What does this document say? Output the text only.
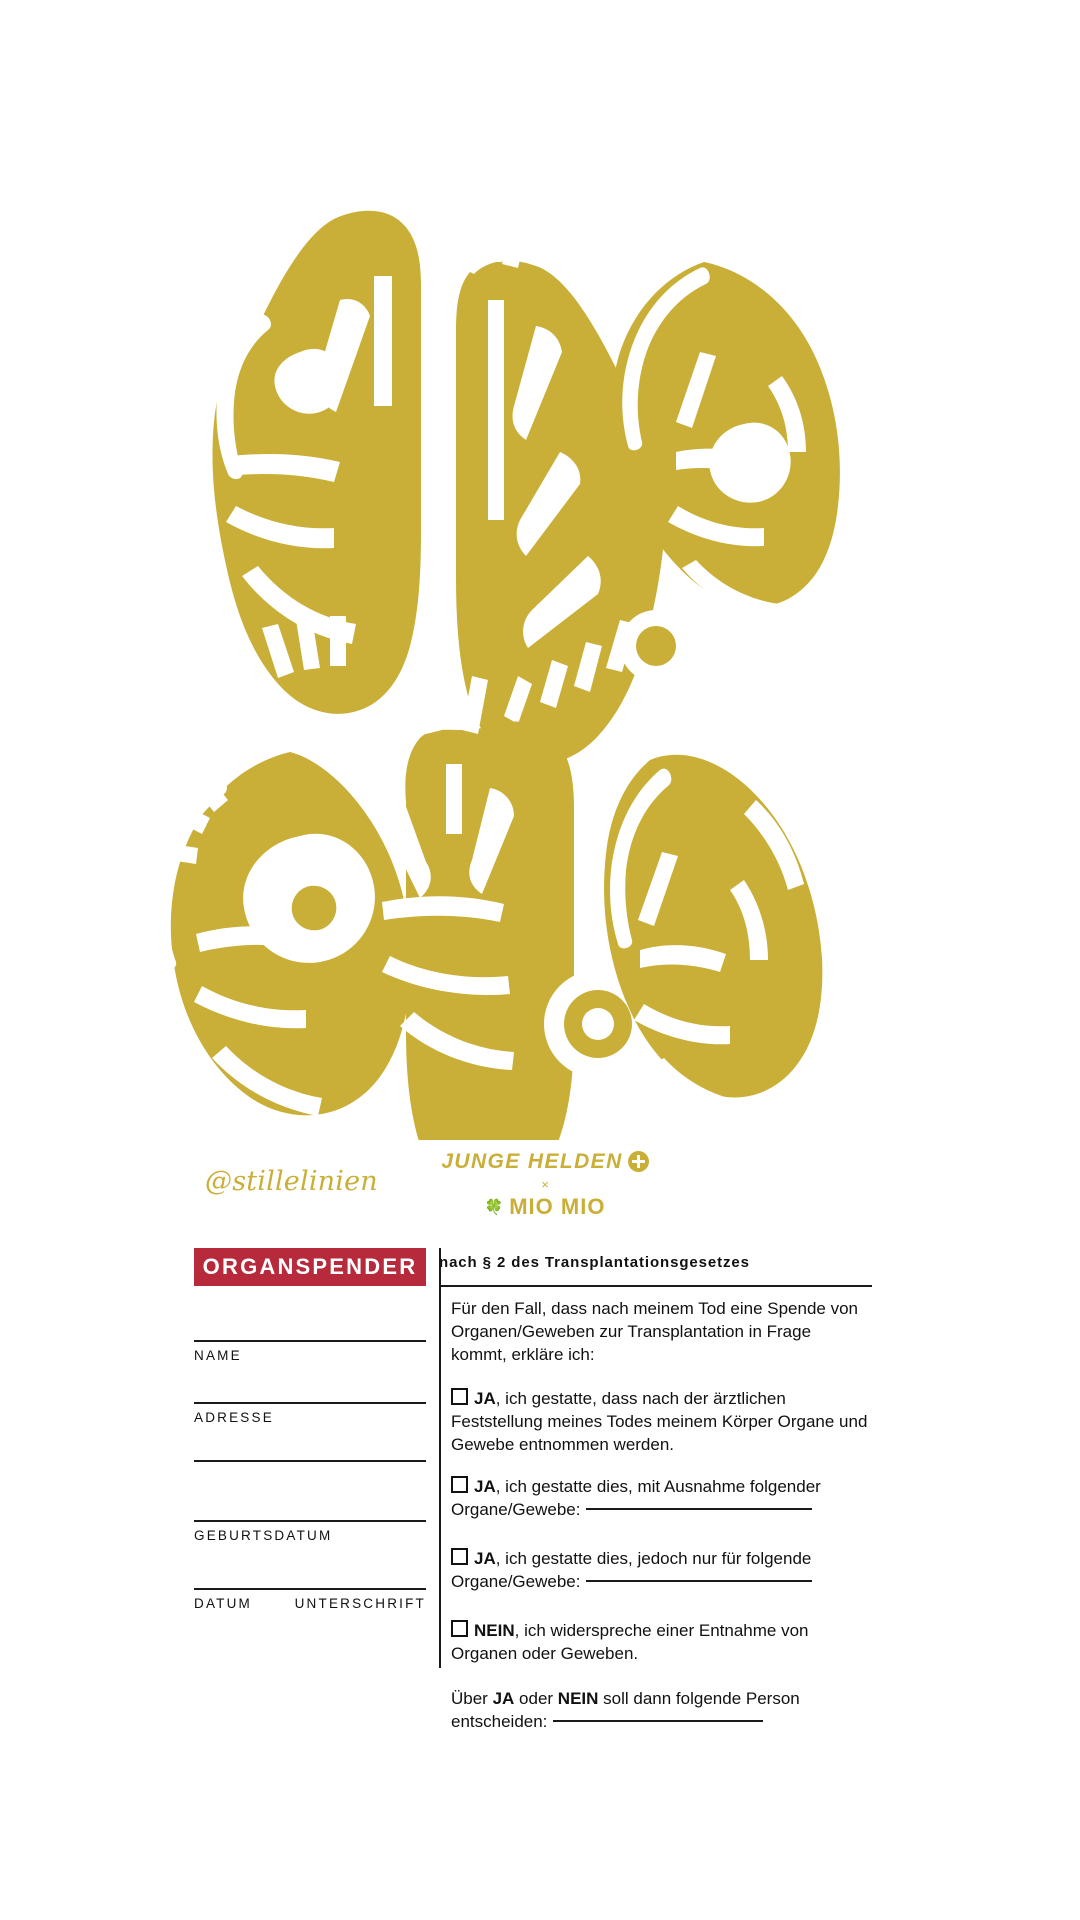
@stillelinien
JUNGE HELDEN
×
🍀 MIO MIO
ORGANSPENDER	nach § 2 des Transplantationsgesetzes
NAME
ADRESSE
GEBURTSDATUM
DATUM	UNTERSCHRIFT
Für den Fall, dass nach meinem Tod eine Spende von Organen/Geweben zur Transplantation in Frage kommt, erkläre ich:
JA, ich gestatte, dass nach der ärztlichen Feststellung meines Todes meinem Körper Organe und Gewebe entnommen werden.
JA, ich gestatte dies, mit Ausnahme folgender Organe/Gewebe:
JA, ich gestatte dies, jedoch nur für folgende Organe/Gewebe:
NEIN, ich widerspreche einer Entnahme von Organen oder Geweben.
Über JA oder NEIN soll dann folgende Person entscheiden:
